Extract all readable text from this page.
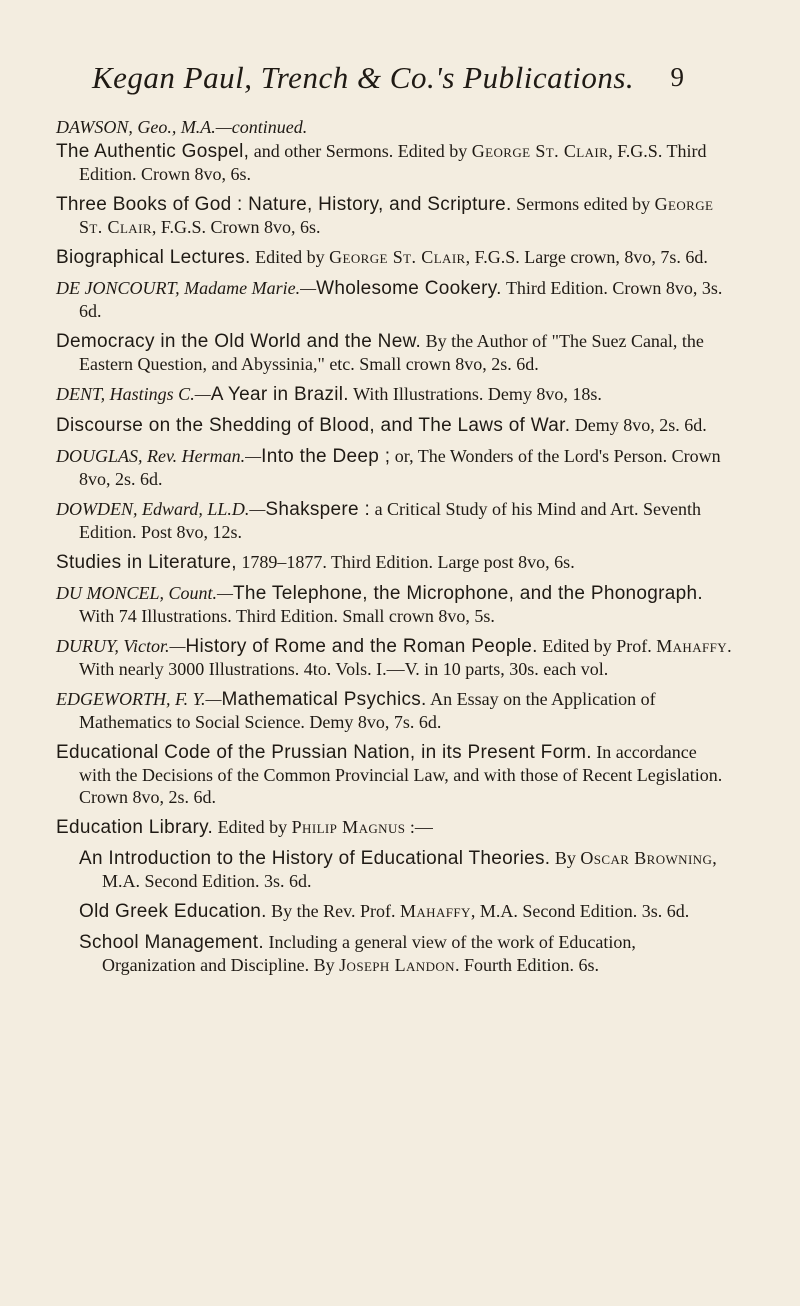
Kegan Paul, Trench & Co.'s Publications. 9
DAWSON, Geo., M.A.—continued.
The Authentic Gospel, and other Sermons. Edited by George St. Clair, F.G.S. Third Edition. Crown 8vo, 6s.
Three Books of God : Nature, History, and Scripture. Sermons edited by George St. Clair, F.G.S. Crown 8vo, 6s.
Biographical Lectures. Edited by George St. Clair, F.G.S. Large crown, 8vo, 7s. 6d.
DE JONCOURT, Madame Marie.—Wholesome Cookery. Third Edition. Crown 8vo, 3s. 6d.
Democracy in the Old World and the New. By the Author of "The Suez Canal, the Eastern Question, and Abyssinia," etc. Small crown 8vo, 2s. 6d.
DENT, Hastings C.—A Year in Brazil. With Illustrations. Demy 8vo, 18s.
Discourse on the Shedding of Blood, and The Laws of War. Demy 8vo, 2s. 6d.
DOUGLAS, Rev. Herman.—Into the Deep ; or, The Wonders of the Lord's Person. Crown 8vo, 2s. 6d.
DOWDEN, Edward, LL.D.—Shakspere : a Critical Study of his Mind and Art. Seventh Edition. Post 8vo, 12s.
Studies in Literature, 1789–1877. Third Edition. Large post 8vo, 6s.
DU MONCEL, Count.—The Telephone, the Microphone, and the Phonograph. With 74 Illustrations. Third Edition. Small crown 8vo, 5s.
DURUY, Victor.—History of Rome and the Roman People. Edited by Prof. Mahaffy. With nearly 3000 Illustrations. 4to. Vols. I.—V. in 10 parts, 30s. each vol.
EDGEWORTH, F. Y.—Mathematical Psychics. An Essay on the Application of Mathematics to Social Science. Demy 8vo, 7s. 6d.
Educational Code of the Prussian Nation, in its Present Form. In accordance with the Decisions of the Common Provincial Law, and with those of Recent Legislation. Crown 8vo, 2s. 6d.
Education Library. Edited by Philip Magnus :—
An Introduction to the History of Educational Theories. By Oscar Browning, M.A. Second Edition. 3s. 6d.
Old Greek Education. By the Rev. Prof. Mahaffy, M.A. Second Edition. 3s. 6d.
School Management. Including a general view of the work of Education, Organization and Discipline. By Joseph Landon. Fourth Edition. 6s.
